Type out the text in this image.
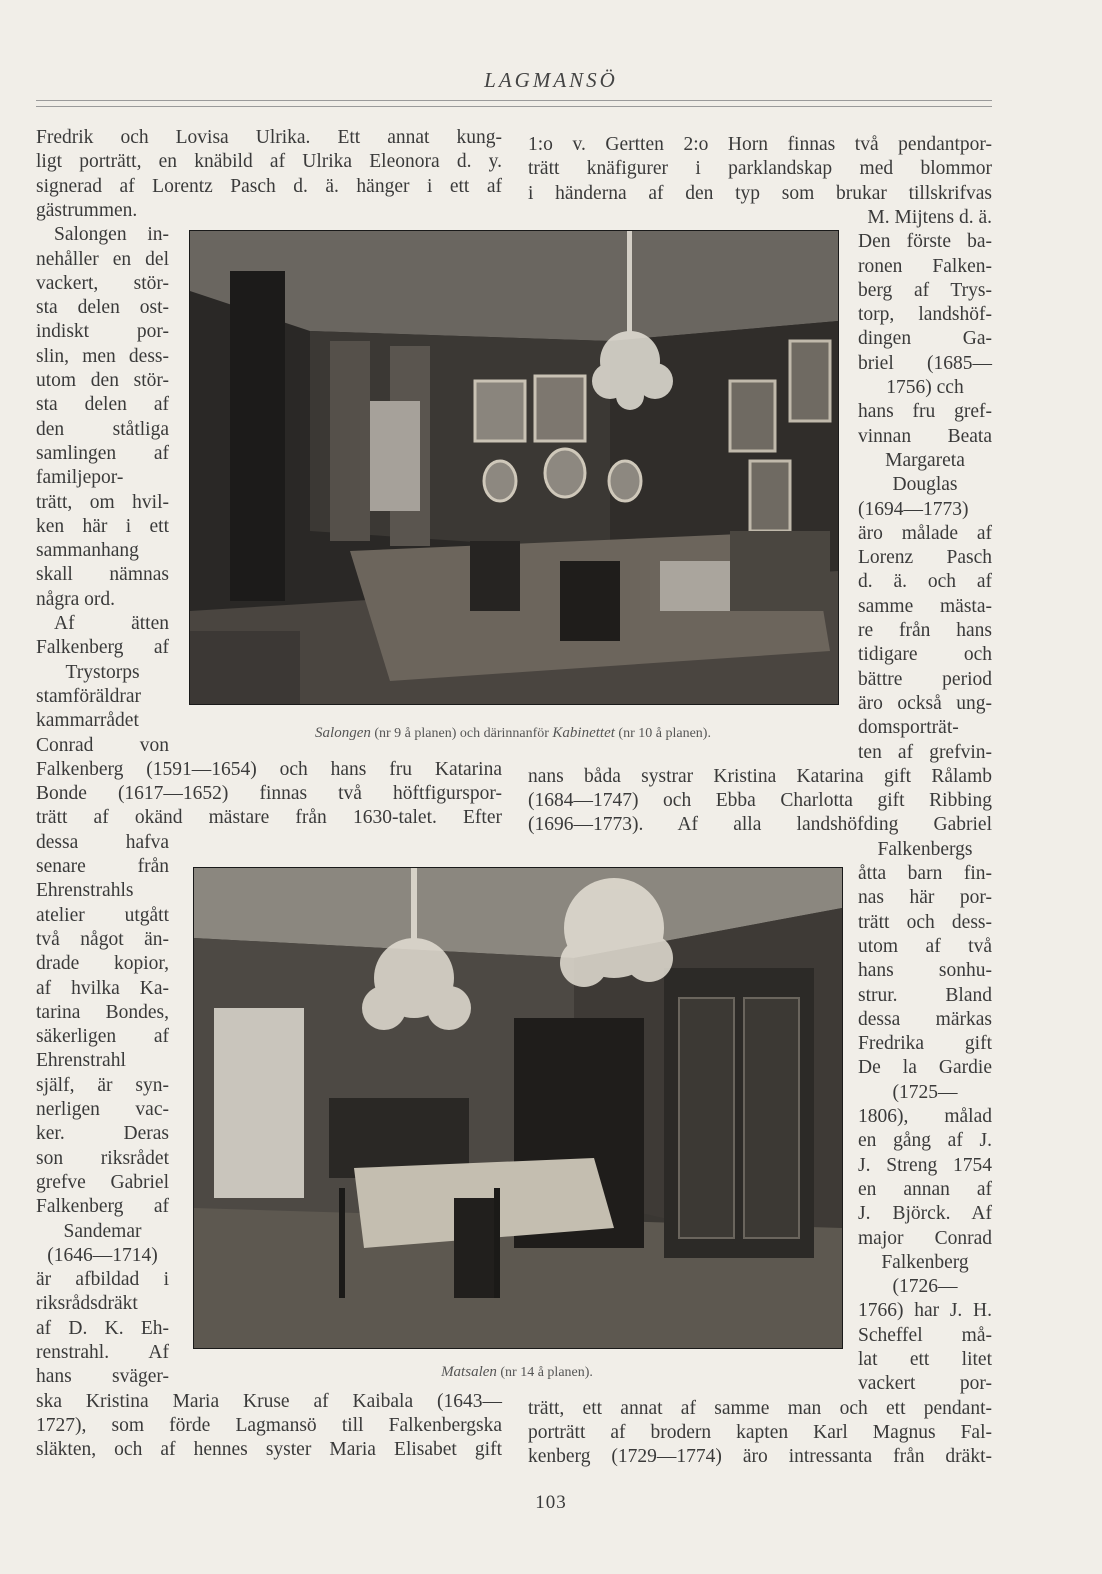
LAGMANSÖ
Salongen (nr 9 å planen) och därinnanför Kabinettet (nr 10 å planen).
Matsalen (nr 14 å planen).
Fredrik och Lovisa Ulrika. Ett annat kung-
ligt porträtt, en knäbild af Ulrika Eleonora d. y.
signerad af Lorentz Pasch d. ä. hänger i ett af
gästrummen.
Salongen in-
nehåller en del
vackert, stör-
sta delen ost-
indiskt por-
slin, men dess-
utom den stör-
sta delen af
den ståtliga
samlingen af
familjepor-
trätt, om hvil-
ken här i ett
sammanhang
skall nämnas
några ord.
Af ätten
Falkenberg af
Trystorps
stamföräldrar
kammarrådet
Conrad von
Falkenberg (1591—1654) och hans fru Katarina
Bonde (1617—1652) finnas två höftfigurspor-
trätt af okänd mästare från 1630-talet. Efter
dessa hafva
senare från
Ehrenstrahls
atelier utgått
två något än-
drade kopior,
af hvilka Ka-
tarina Bondes,
säkerligen af
Ehrenstrahl
själf, är syn-
nerligen vac-
ker. Deras
son riksrådet
grefve Gabriel
Falkenberg af
Sandemar
(1646—1714)
är afbildad i
riksrådsdräkt
af D. K. Eh-
renstrahl. Af
hans sväger-
ska Kristina Maria Kruse af Kaibala (1643—
1727), som förde Lagmansö till Falkenbergska
släkten, och af hennes syster Maria Elisabet gift
1:o v. Gertten 2:o Horn finnas två pendantpor-
trätt knäfigurer i parklandskap med blommor
i händerna af den typ som brukar tillskrifvas
M. Mijtens d. ä.
Den förste ba-
ronen Falken-
berg af Trys-
torp, landshöf-
dingen Ga-
briel (1685—
1756) cch
hans fru gref-
vinnan Beata
Margareta
Douglas
(1694—1773)
äro målade af
Lorenz Pasch
d. ä. och af
samme mästa-
re från hans
tidigare och
bättre period
äro också ung-
domsporträt-
ten af grefvin-
nans båda systrar Kristina Katarina gift Rålamb
(1684—1747) och Ebba Charlotta gift Ribbing
(1696—1773). Af alla landshöfding Gabriel
Falkenbergs
åtta barn fin-
nas här por-
trätt och dess-
utom af två
hans sonhu-
strur. Bland
dessa märkas
Fredrika gift
De la Gardie
(1725—
1806), målad
en gång af J.
J. Streng 1754
en annan af
J. Björck. Af
major Conrad
Falkenberg
(1726—
1766) har J. H.
Scheffel må-
lat ett litet
vackert por-
trätt, ett annat af samme man och ett pendant-
porträtt af brodern kapten Karl Magnus Fal-
kenberg (1729—1774) äro intressanta från dräkt-
103
